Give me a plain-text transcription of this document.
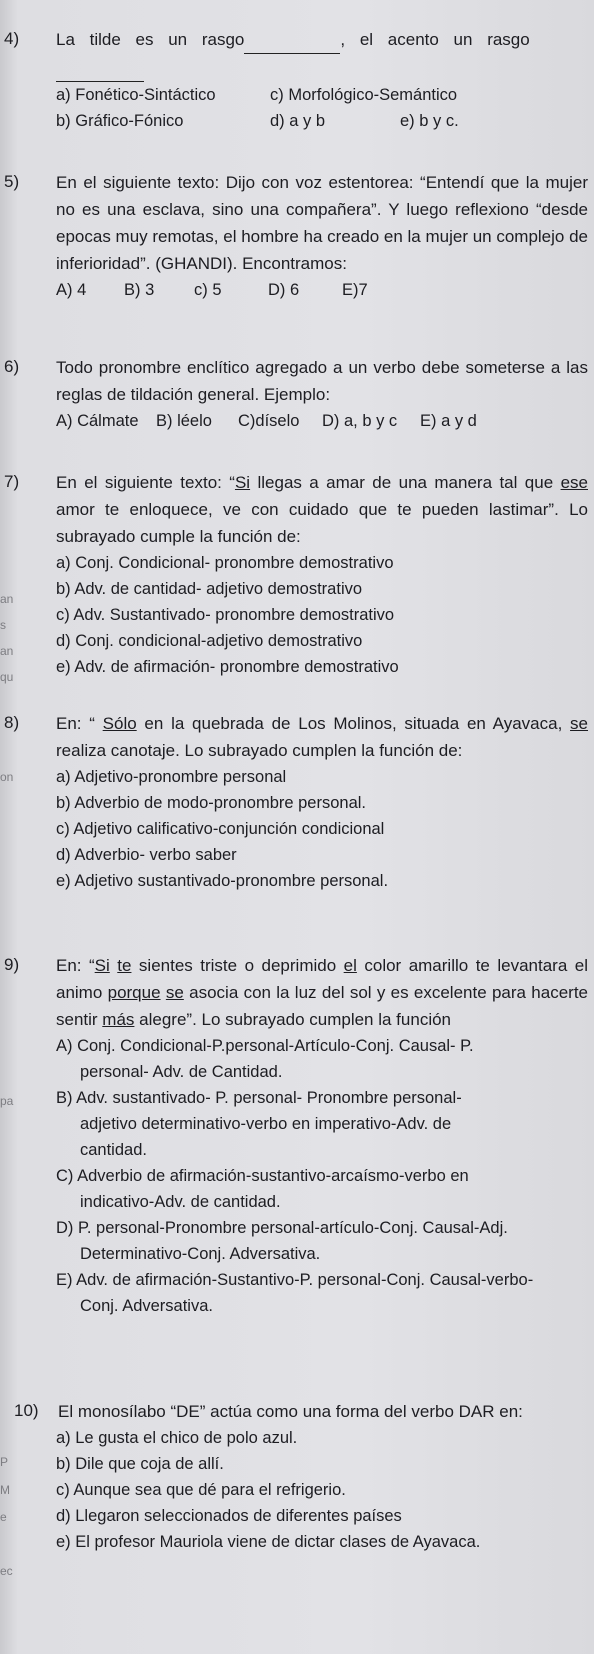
4) La tilde es un rasgo	, el acento un rasgo
a) Fonético-Sintáctico	c) Morfológico-Semántico
b) Gráfico-Fónico	d) a y b	e) b y c.
5) En el siguiente texto: Dijo con voz estentorea: “Entendí que la mujer no es una esclava, sino una compañera”. Y luego reflexiono “desde epocas muy remotas, el hombre ha creado en la mujer un complejo de inferioridad”. (GHANDI). Encontramos:
A) 4	B) 3	c) 5	D) 6	E)7
6) Todo pronombre enclítico agregado a un verbo debe someterse a las reglas de tildación general. Ejemplo:
A) Cálmate	B) léelo	C)díselo	D) a, b y c	E) a y d
7) En el siguiente texto: “Si llegas a amar de una manera tal que ese amor te enloquece, ve con cuidado que te pueden lastimar”. Lo subrayado cumple la función de:
a) Conj. Condicional- pronombre demostrativo
b) Adv. de cantidad- adjetivo demostrativo
c) Adv. Sustantivado- pronombre demostrativo
d) Conj. condicional-adjetivo demostrativo
e) Adv. de afirmación- pronombre demostrativo
8) En: “ Sólo en la quebrada de Los Molinos, situada en Ayavaca, se realiza canotaje. Lo subrayado cumplen la función de:
a) Adjetivo-pronombre personal
b) Adverbio de modo-pronombre personal.
c) Adjetivo calificativo-conjunción condicional
d) Adverbio- verbo saber
e) Adjetivo sustantivado-pronombre personal.
9) En: “Si te sientes triste o deprimido el color amarillo te levantara el animo porque se asocia con la luz del sol y es excelente para hacerte sentir más alegre”. Lo subrayado cumplen la función
A) Conj. Condicional-P.personal-Artículo-Conj. Causal- P. personal- Adv. de Cantidad.
B) Adv. sustantivado- P. personal- Pronombre personal- adjetivo determinativo-verbo en imperativo-Adv. de cantidad.
C) Adverbio de afirmación-sustantivo-arcaísmo-verbo en indicativo-Adv. de cantidad.
D) P. personal-Pronombre personal-artículo-Conj. Causal-Adj. Determinativo-Conj. Adversativa.
E) Adv. de afirmación-Sustantivo-P. personal-Conj. Causal-verbo-Conj. Adversativa.
10) El monosílabo “DE” actúa como una forma del verbo DAR en:
a) Le gusta el chico de polo azul.
b) Dile que coja de allí.
c) Aunque sea que dé para el refrigerio.
d) Llegaron seleccionados de diferentes países
e) El profesor Mauriola viene de dictar clases de Ayavaca.
an
s
an
qu
on
pa
P
M
e
ec
